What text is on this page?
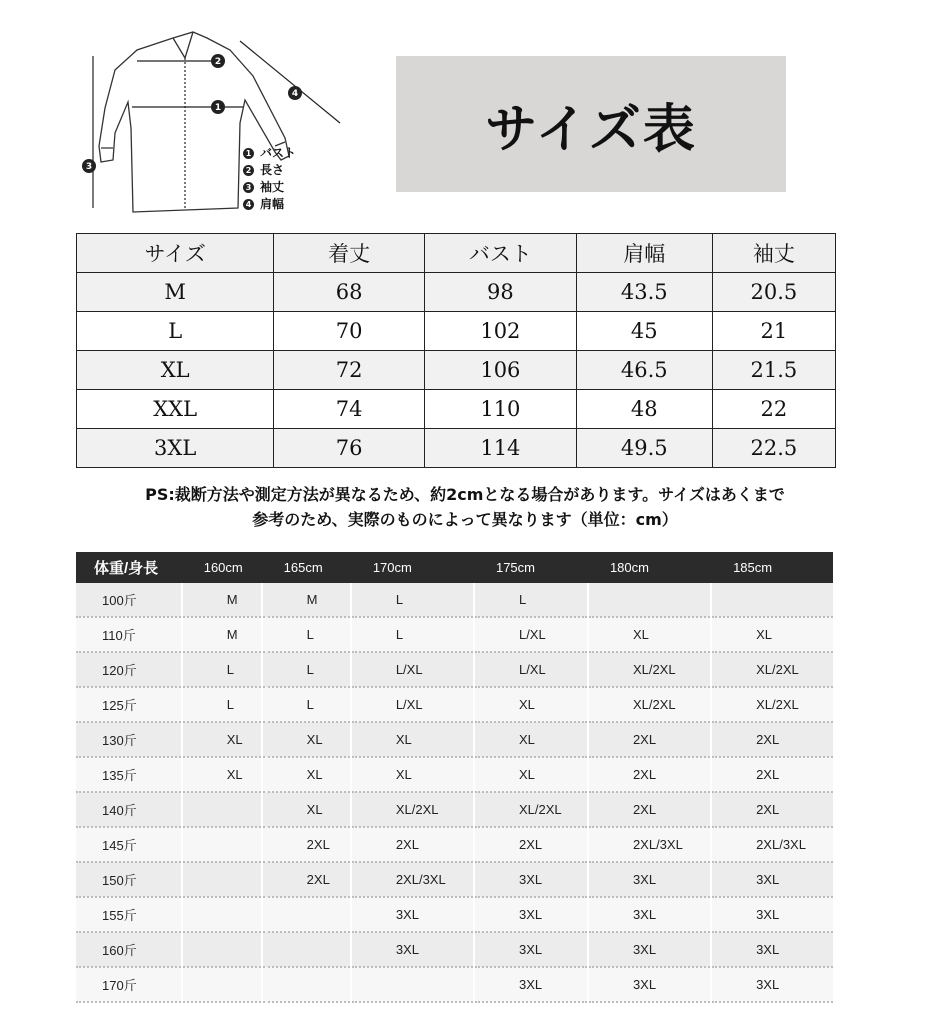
1
2
3
4
1 バスト
2 長さ
3 袖丈
4 肩幅
サイズ表
サイズ	着丈	バスト	肩幅	袖丈
M	68	98	43.5	20.5
L	70	102	45	21
XL	72	106	46.5	21.5
XXL	74	110	48	22
3XL	76	114	49.5	22.5
PS:裁断方法や測定方法が異なるため、約2cmとなる場合があります。サイズはあくまで
参考のため、実際のものによって異なります（単位：cm）
体重/身長	160cm	165cm	170cm	175cm	180cm	185cm
100斤	M	M	L	L		
110斤	M	L	L	L/XL	XL	XL
120斤	L	L	L/XL	L/XL	XL/2XL	XL/2XL
125斤	L	L	L/XL	XL	XL/2XL	XL/2XL
130斤	XL	XL	XL	XL	2XL	2XL
135斤	XL	XL	XL	XL	2XL	2XL
140斤		XL	XL/2XL	XL/2XL	2XL	2XL
145斤		2XL	2XL	2XL	2XL/3XL	2XL/3XL
150斤		2XL	2XL/3XL	3XL	3XL	3XL
155斤			3XL	3XL	3XL	3XL
160斤			3XL	3XL	3XL	3XL
170斤				3XL	3XL	3XL
